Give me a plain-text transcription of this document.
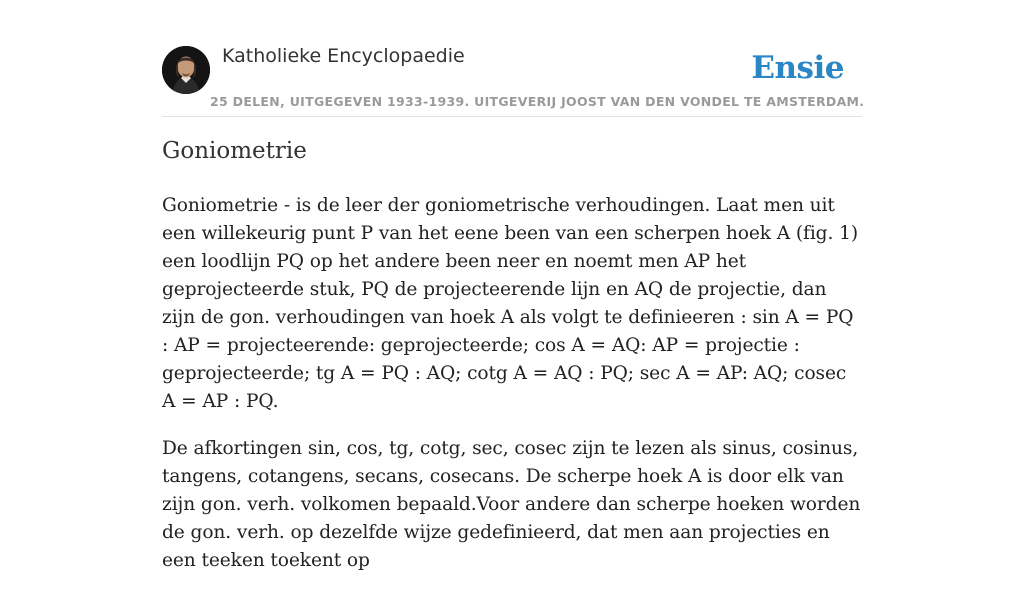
Katholieke Encyclopaedie
25 DELEN, UITGEGEVEN 1933-1939. UITGEVERIJ JOOST VAN DEN VONDEL TE AMSTERDAM.
Ensie
Goniometrie

Goniometrie - is de leer der goniometrische verhoudingen. Laat men uit een willekeurig punt P van het eene been van een scherpen hoek A (fig. 1) een loodlijn PQ op het andere been neer en noemt men AP het geprojecteerde stuk, PQ de projecteerende lijn en AQ de projectie, dan zijn de gon. verhoudingen van hoek A als volgt te definieeren : sin A = PQ : AP = projecteerende: geprojecteerde; cos A = AQ: AP = projectie : geprojecteerde; tg A = PQ : AQ; cotg A = AQ : PQ; sec A = AP: AQ; cosec A = AP : PQ.

De afkortingen sin, cos, tg, cotg, sec, cosec zijn te lezen als sinus, cosinus, tangens, cotangens, secans, cosecans. De scherpe hoek A is door elk van zijn gon. verh. volkomen bepaald.Voor andere dan scherpe hoeken worden de gon. verh. op dezelfde wijze gedefinieerd, dat men aan projecties en een teeken toekent op
